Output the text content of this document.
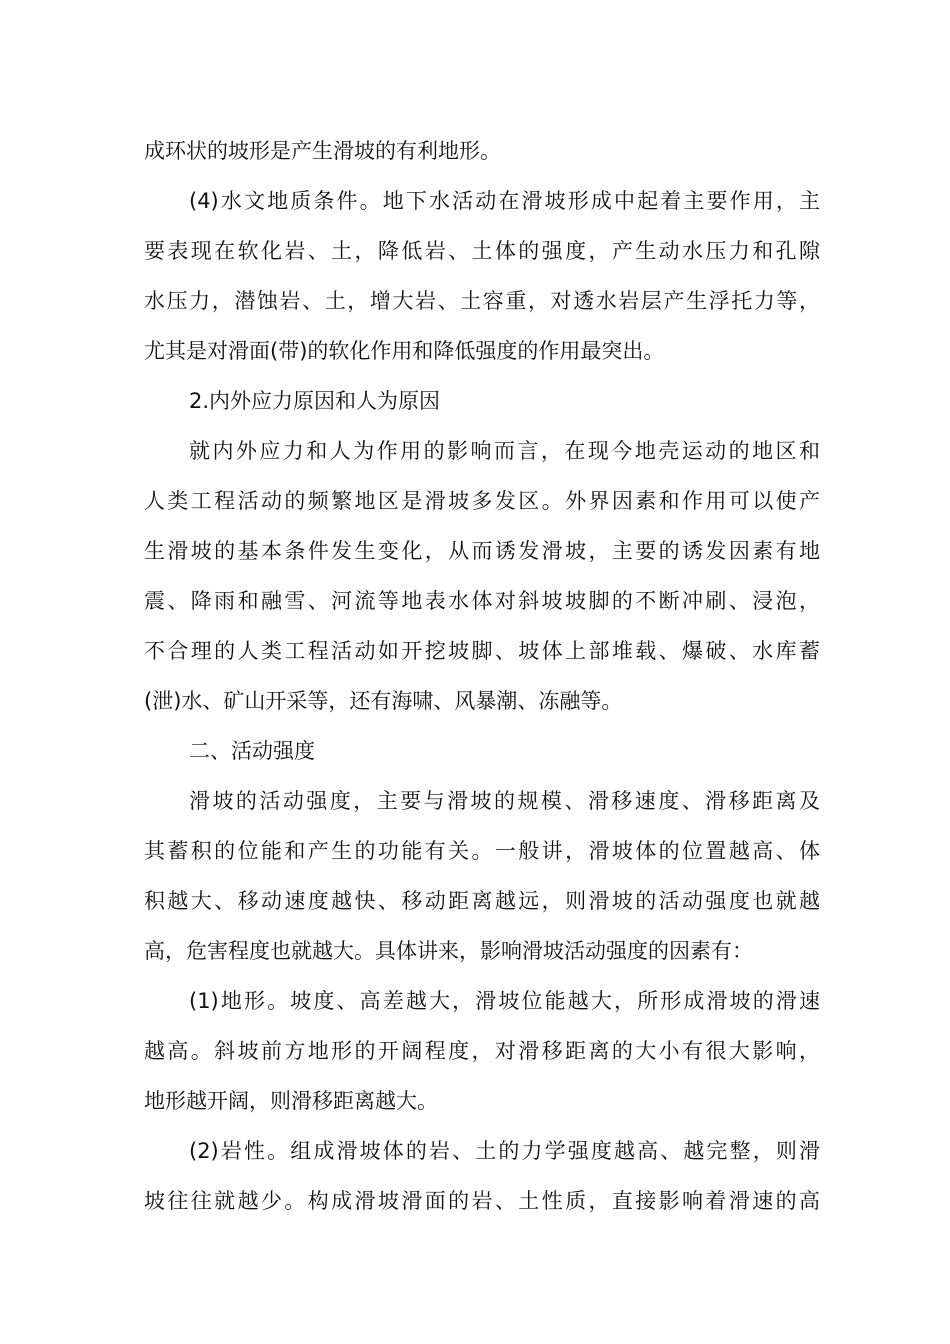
成环状的坡形是产生滑坡的有利地形。
(4)水文地质条件。地下水活动在滑坡形成中起着主要作用，主
要表现在软化岩、土，降低岩、土体的强度，产生动水压力和孔隙
水压力，潜蚀岩、土，增大岩、土容重，对透水岩层产生浮托力等，
尤其是对滑面(带)的软化作用和降低强度的作用最突出。
2.内外应力原因和人为原因
就内外应力和人为作用的影响而言，在现今地壳运动的地区和
人类工程活动的频繁地区是滑坡多发区。外界因素和作用可以使产
生滑坡的基本条件发生变化，从而诱发滑坡，主要的诱发因素有地
震、降雨和融雪、河流等地表水体对斜坡坡脚的不断冲刷、浸泡，
不合理的人类工程活动如开挖坡脚、坡体上部堆载、爆破、水库蓄
(泄)水、矿山开采等，还有海啸、风暴潮、冻融等。
二、活动强度
滑坡的活动强度，主要与滑坡的规模、滑移速度、滑移距离及
其蓄积的位能和产生的功能有关。一般讲，滑坡体的位置越高、体
积越大、移动速度越快、移动距离越远，则滑坡的活动强度也就越
高，危害程度也就越大。具体讲来，影响滑坡活动强度的因素有：
(1)地形。坡度、高差越大，滑坡位能越大，所形成滑坡的滑速
越高。斜坡前方地形的开阔程度，对滑移距离的大小有很大影响，
地形越开阔，则滑移距离越大。
(2)岩性。组成滑坡体的岩、土的力学强度越高、越完整，则滑
坡往往就越少。构成滑坡滑面的岩、土性质，直接影响着滑速的高
